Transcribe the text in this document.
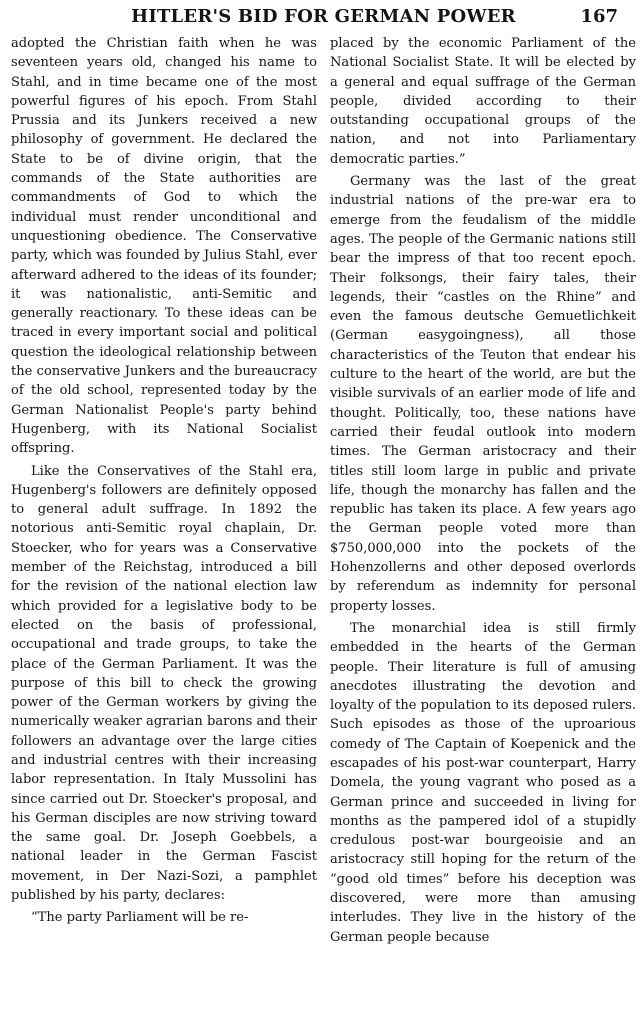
HITLER'S BID FOR GERMAN POWER	167

adopted the Christian faith when he was seventeen years old, changed his name to Stahl, and in time became one of the most powerful figures of his epoch. From Stahl Prussia and its Junkers received a new philosophy of government. He declared the State to be of divine origin, that the commands of the State authorities are commandments of God to which the individual must render unconditional and unquestioning obedience. The Conservative party, which was founded by Julius Stahl, ever afterward adhered to the ideas of its founder; it was nationalistic, anti-Semitic and generally reactionary. To these ideas can be traced in every important social and political question the ideological relationship between the conservative Junkers and the bureaucracy of the old school, represented today by the German Nationalist People's party behind Hugenberg, with its National Socialist offspring.

Like the Conservatives of the Stahl era, Hugenberg's followers are definitely opposed to general adult suffrage. In 1892 the notorious anti-Semitic royal chaplain, Dr. Stoecker, who for years was a Conservative member of the Reichstag, introduced a bill for the revision of the national election law which provided for a legislative body to be elected on the basis of professional, occupational and trade groups, to take the place of the German Parliament. It was the purpose of this bill to check the growing power of the German workers by giving the numerically weaker agrarian barons and their followers an advantage over the large cities and industrial centres with their increasing labor representation. In Italy Mussolini has since carried out Dr. Stoecker's proposal, and his German disciples are now striving toward the same goal. Dr. Joseph Goebbels, a national leader in the German Fascist movement, in Der Nazi-Sozi, a pamphlet published by his party, declares:

“The party Parliament will be re-

placed by the economic Parliament of the National Socialist State. It will be elected by a general and equal suffrage of the German people, divided according to their outstanding occupational groups of the nation, and not into Parliamentary democratic parties.”

Germany was the last of the great industrial nations of the pre-war era to emerge from the feudalism of the middle ages. The people of the Germanic nations still bear the impress of that too recent epoch. Their folksongs, their fairy tales, their legends, their “castles on the Rhine” and even the famous deutsche Gemuetlichkeit (German easygoingness), all those characteristics of the Teuton that endear his culture to the heart of the world, are but the visible survivals of an earlier mode of life and thought. Politically, too, these nations have carried their feudal outlook into modern times. The German aristocracy and their titles still loom large in public and private life, though the monarchy has fallen and the republic has taken its place. A few years ago the German people voted more than $750,000,000 into the pockets of the Hohenzollerns and other deposed overlords by referendum as indemnity for personal property losses.

The monarchial idea is still firmly embedded in the hearts of the German people. Their literature is full of amusing anecdotes illustrating the devotion and loyalty of the population to its deposed rulers. Such episodes as those of the uproarious comedy of The Captain of Koepenick and the escapades of his post-war counterpart, Harry Domela, the young vagrant who posed as a German prince and succeeded in living for months as the pampered idol of a stupidly credulous post-war bourgeoisie and an aristocracy still hoping for the return of the “good old times” before his deception was discovered, were more than amusing interludes. They live in the history of the German people because
